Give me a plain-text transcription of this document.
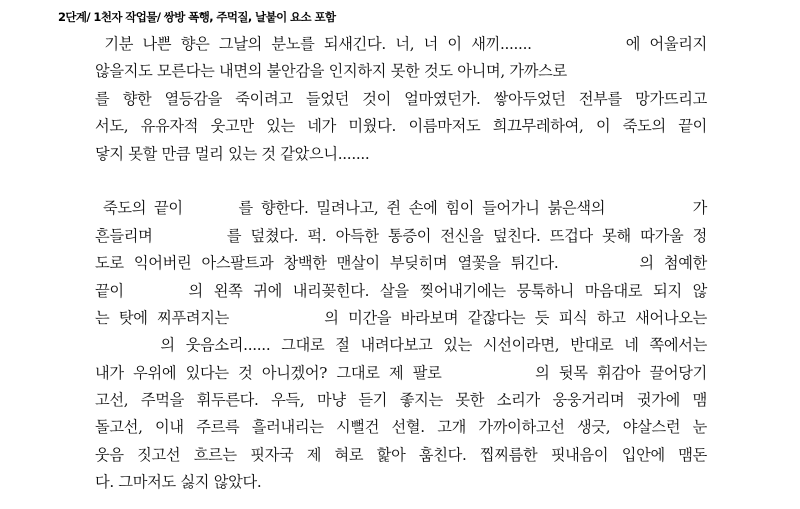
2단계/ 1천자 작업물/ 쌍방 폭행, 주먹질, 날붙이 요소 포함
기분 나쁜 향은 그날의 분노를 되새긴다. 너, 너 이 새끼.......          에 어울리지
않을지도 모른다는 내면의 불안감을 인지하지 못한 것도 아니며, 가까스로
를 향한 열등감을 죽이려고 들었던 것이 얼마였던가. 쌓아두었던 전부를 망가뜨리고
서도, 유유자적 웃고만 있는 네가 미웠다. 이름마저도 희끄무레하여, 이 죽도의 끝이
닿지 못할 만큼 멀리 있는 것 같았으니.......
죽도의 끝이       를 향한다. 밀려나고, 쥔 손에 힘이 들어가니 붉은색의           가
흔들리며        를 덮쳤다. 퍽. 아득한 통증이 전신을 덮친다. 뜨겁다 못해 따가울 정
도로 익어버린 아스팔트과 창백한 맨살이 부딪히며 열꽃을 튀긴다.        의 첨예한
끝이      의 왼쪽 귀에 내리꽂힌다. 살을 찢어내기에는 뭉툭하니 마음대로 되지 않
는 탓에 찌푸려지는          의 미간을 바라보며 같잖다는 듯 피식 하고 새어나오는
의 웃음소리...... 그대로 절 내려다보고 있는 시선이라면, 반대로 네 쪽에서는
내가 우위에 있다는 것 아니겠어? 그대로 제 팔로          의 뒷목 휘감아 끌어당기
고선, 주먹을 휘두른다. 우득, 마냥 듣기 좋지는 못한 소리가 웅웅거리며 귓가에 맴
돌고선, 이내 주르륵 흘러내리는 시뻘건 선혈. 고개 가까이하고선 생긋, 야살스런 눈
웃음 짓고선 흐르는 핏자국 제 혀로 핥아 훔친다. 찝찌름한 핏내음이 입안에 맴돈
다. 그마저도 싫지 않았다.
